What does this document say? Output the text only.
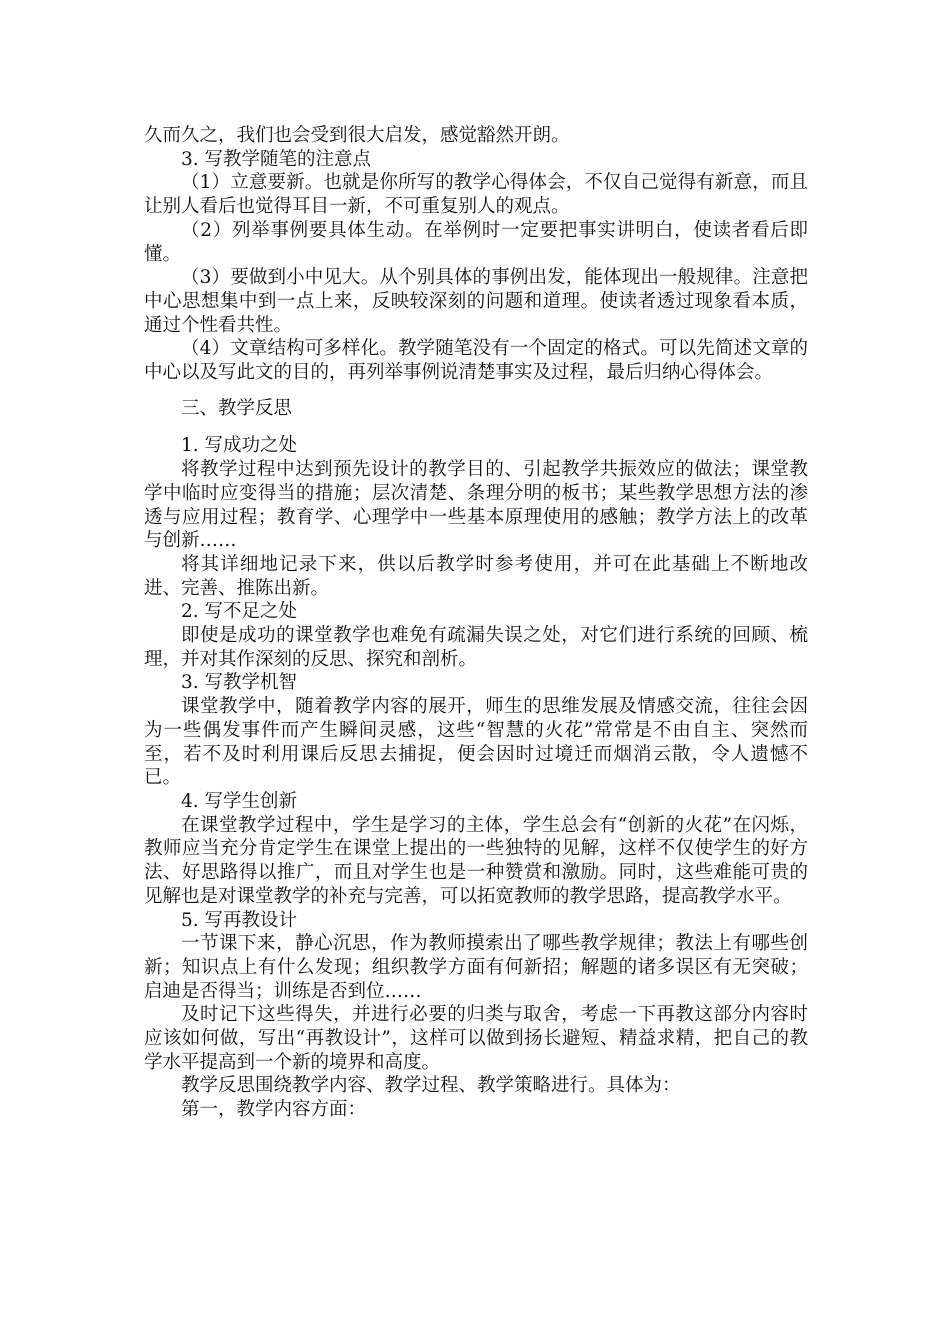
久而久之，我们也会受到很大启发，感觉豁然开朗。

3. 写教学随笔的注意点

（1）立意要新。也就是你所写的教学心得体会，不仅自己觉得有新意，而且让别人看后也觉得耳目一新，不可重复别人的观点。

（2）列举事例要具体生动。在举例时一定要把事实讲明白，使读者看后即懂。

（3）要做到小中见大。从个别具体的事例出发，能体现出一般规律。注意把中心思想集中到一点上来，反映较深刻的问题和道理。使读者透过现象看本质，通过个性看共性。

（4）文章结构可多样化。教学随笔没有一个固定的格式。可以先简述文章的中心以及写此文的目的，再列举事例说清楚事实及过程，最后归纳心得体会。

三、教学反思

1. 写成功之处

将教学过程中达到预先设计的教学目的、引起教学共振效应的做法；课堂教学中临时应变得当的措施；层次清楚、条理分明的板书；某些教学思想方法的渗透与应用过程；教育学、心理学中一些基本原理使用的感触；教学方法上的改革与创新……

将其详细地记录下来，供以后教学时参考使用，并可在此基础上不断地改进、完善、推陈出新。

2. 写不足之处

即使是成功的课堂教学也难免有疏漏失误之处，对它们进行系统的回顾、梳理，并对其作深刻的反思、探究和剖析。

3. 写教学机智

课堂教学中，随着教学内容的展开，师生的思维发展及情感交流，往往会因为一些偶发事件而产生瞬间灵感，这些“智慧的火花”常常是不由自主、突然而至，若不及时利用课后反思去捕捉，便会因时过境迁而烟消云散，令人遗憾不已。

4. 写学生创新

在课堂教学过程中，学生是学习的主体，学生总会有“创新的火花”在闪烁，教师应当充分肯定学生在课堂上提出的一些独特的见解，这样不仅使学生的好方法、好思路得以推广，而且对学生也是一种赞赏和激励。同时，这些难能可贵的见解也是对课堂教学的补充与完善，可以拓宽教师的教学思路，提高教学水平。

5. 写再教设计

一节课下来，静心沉思，作为教师摸索出了哪些教学规律；教法上有哪些创新；知识点上有什么发现；组织教学方面有何新招；解题的诸多误区有无突破；启迪是否得当；训练是否到位……

及时记下这些得失，并进行必要的归类与取舍，考虑一下再教这部分内容时应该如何做，写出“再教设计”，这样可以做到扬长避短、精益求精，把自己的教学水平提高到一个新的境界和高度。

教学反思围绕教学内容、教学过程、教学策略进行。具体为：

第一，教学内容方面：
